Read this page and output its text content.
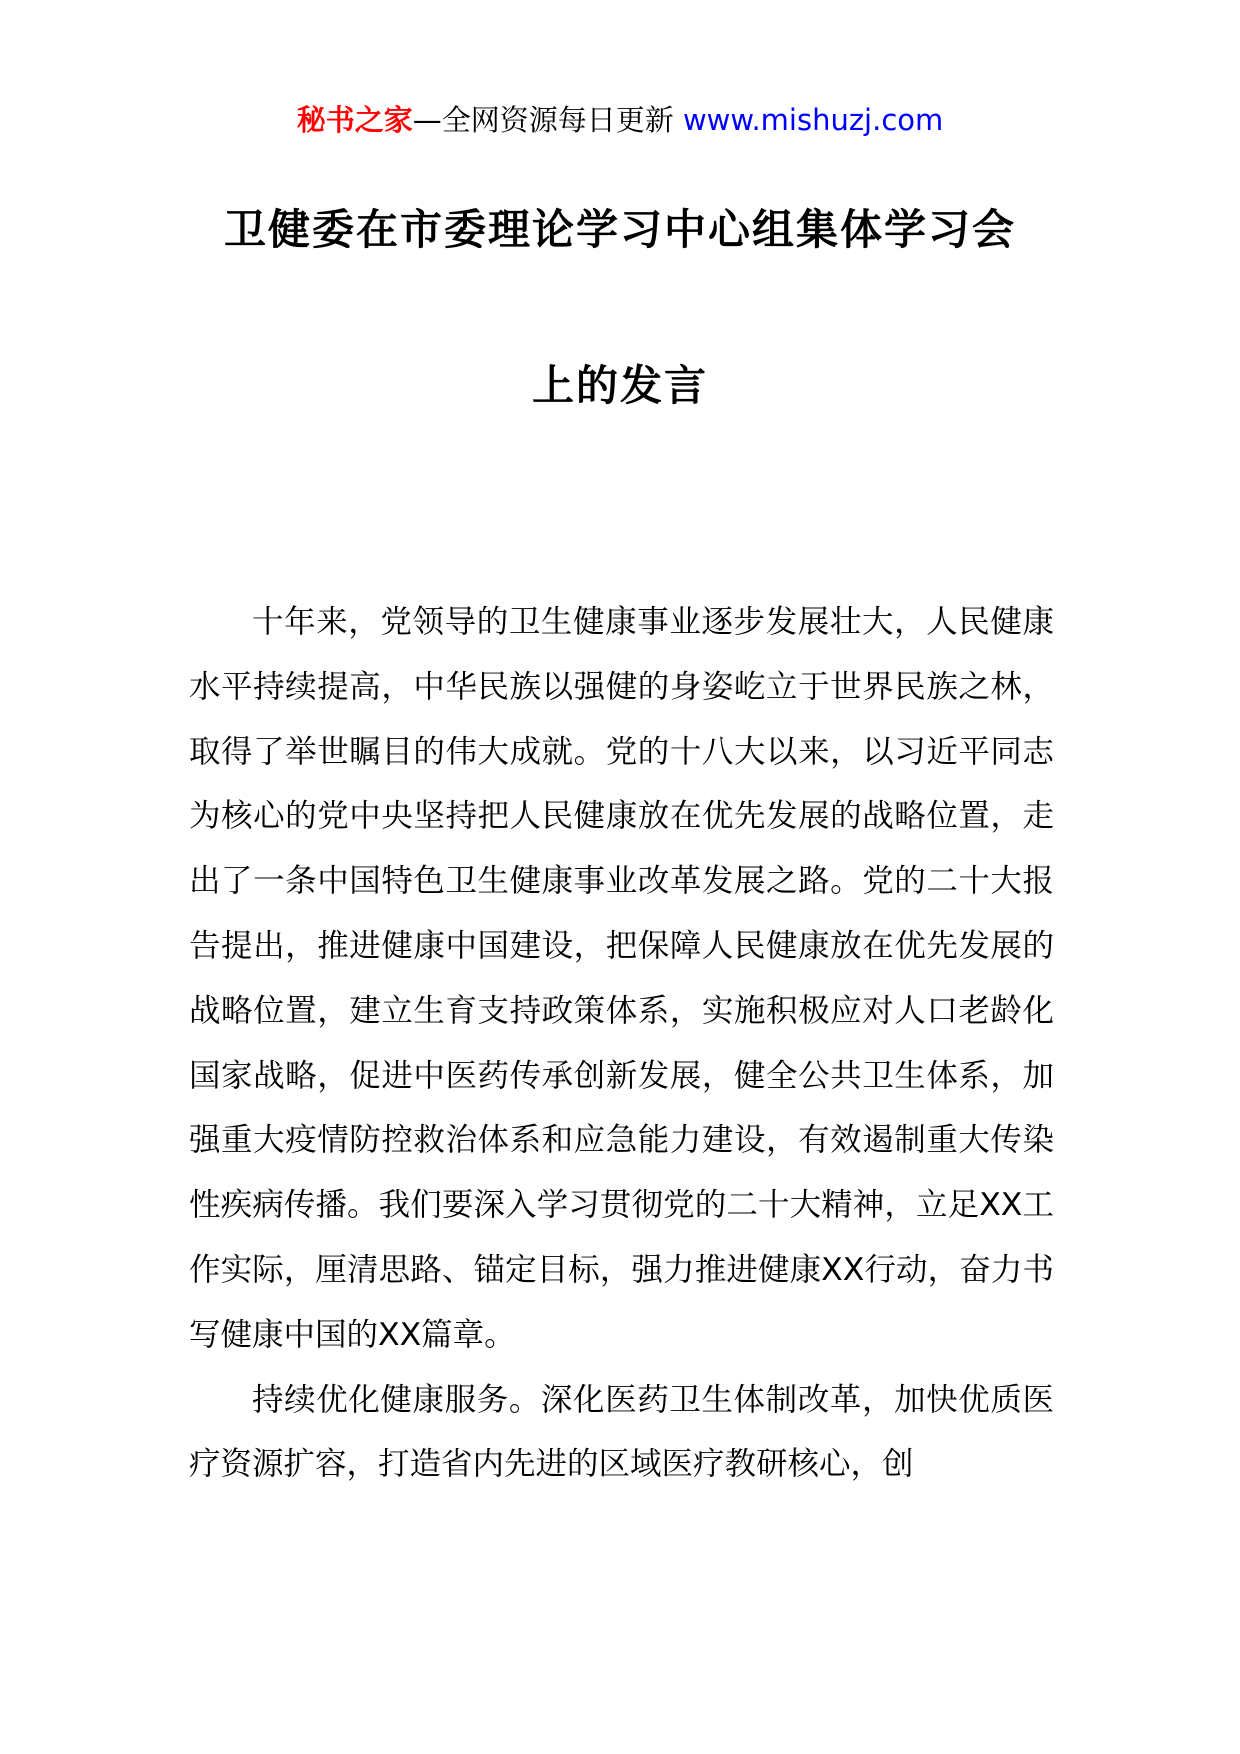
秘书之家—全网资源每日更新 www.mishuzj.com
卫健委在市委理论学习中心组集体学习会
上的发言

十年来，党领导的卫生健康事业逐步发展壮大，人民健康水平持续提高，中华民族以强健的身姿屹立于世界民族之林，取得了举世瞩目的伟大成就。党的十八大以来，以习近平同志为核心的党中央坚持把人民健康放在优先发展的战略位置，走出了一条中国特色卫生健康事业改革发展之路。党的二十大报告提出，推进健康中国建设，把保障人民健康放在优先发展的战略位置，建立生育支持政策体系，实施积极应对人口老龄化国家战略，促进中医药传承创新发展，健全公共卫生体系，加强重大疫情防控救治体系和应急能力建设，有效遏制重大传染性疾病传播。我们要深入学习贯彻党的二十大精神，立足XX工作实际，厘清思路、锚定目标，强力推进健康XX行动，奋力书写健康中国的XX篇章。

持续优化健康服务。深化医药卫生体制改革，加快优质医疗资源扩容，打造省内先进的区域医疗教研核心，创
